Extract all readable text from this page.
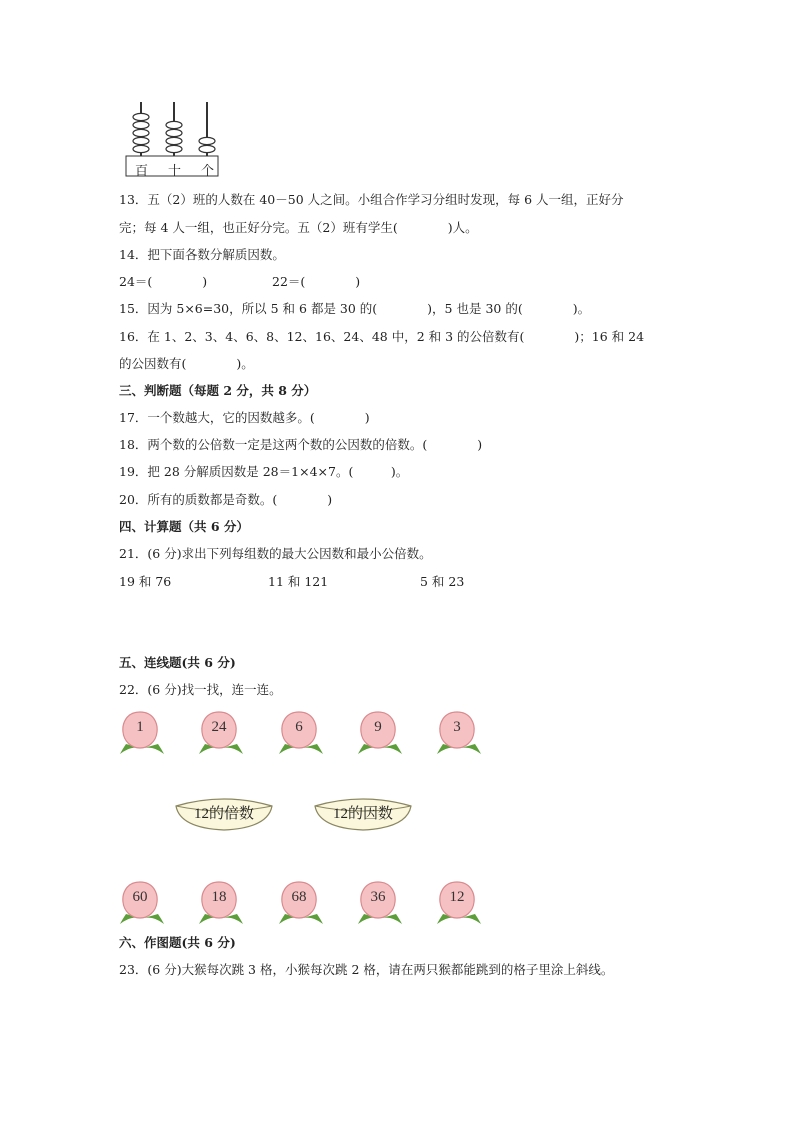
百 十 个
13．五（2）班的人数在 40－50 人之间。小组合作学习分组时发现，每 6 人一组，正好分
完；每 4 人一组，也正好分完。五（2）班有学生(　　　　)人。
14．把下面各数分解质因数。
24＝(　　　　)	22＝(　　　　)
15．因为 5×6=30，所以 5 和 6 都是 30 的(　　　　)，5 也是 30 的(　　　　)。
16．在 1、2、3、4、6、8、12、16、24、48 中，2 和 3 的公倍数有(　　　　)；16 和 24
的公因数有(　　　　)。
三、判断题（每题 2 分，共 8 分）
17．一个数越大，它的因数越多。(　　　　)
18．两个数的公倍数一定是这两个数的公因数的倍数。(　　　　)
19．把 28 分解质因数是 28＝1×4×7。(　　　)。
20．所有的质数都是奇数。(　　　　)
四、计算题（共 6 分）
21．(6 分)求出下列每组数的最大公因数和最小公倍数。
19 和 76	11 和 121	5 和 23
五、连线题(共 6 分)
22．(6 分)找一找，连一连。
1	24	6	9	3
12的倍数	12的因数
60	18	68	36	12
六、作图题(共 6 分)
23．(6 分)大猴每次跳 3 格，小猴每次跳 2 格，请在两只猴都能跳到的格子里涂上斜线。
